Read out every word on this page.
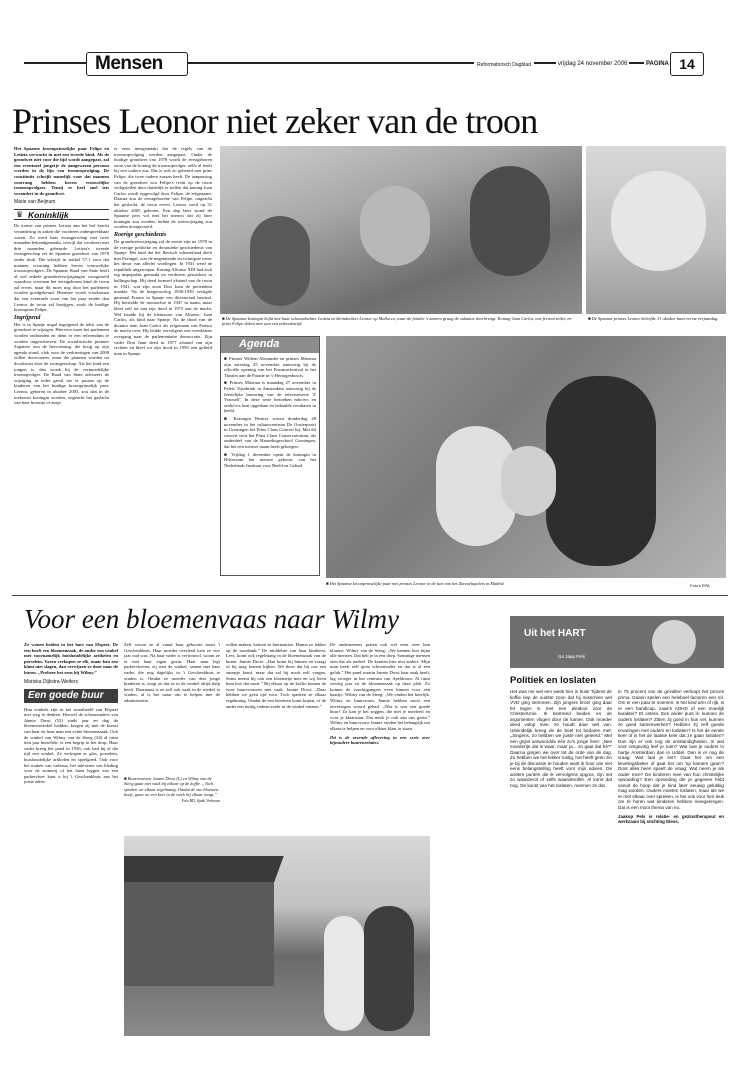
Mensen	Reformatorisch Dagblad	vrijdag 24 november 2006	PAGINA 14
Prinses Leonor niet zeker van de troon

Het Spaanse kroonprinselijke paar Felipe en Letizia verwacht in mei een tweede kind. Als de grondwet niet voor die tijd wordt aangepast, zal een eventueel jongetje de aangewezen persoon worden in de lijn van troonsopvolging. De constitutie schrijft namelijk voor dat mannen voorrang hebben boven vrouwelijke troonsopvolgers. Tenzij er heel snel iets verandert in de grondwet.

Marie van Beijnum
♛ Koninklijk

De komst van prinses Letizia aan het hof bracht verandering in zaken die voorheen onbespreekbaar waren. Zo werd haar zwangerschap met twee maanden bekendgemaakt, terwijl dat voorheen met drie maanden gebeurde. Letizia's tweede zwangerschap zet de Spaanse grondwet van 1978 onder druk. Die schrijft in artikel 57.1 voor dat mannen voorrang hebben boven vrouwelijke troonsopvolgers. De Spaanse Raad van State heeft al wel enkele grondwetswijzigingen voorgesteld waardoor voortaan het eerstgeboren kind de troon zal erven, maar dit moet nog door het parlement worden goedgekeurd. Hiermee wordt voorkomen dat een eventuele zoon van het paar eerder dan Leonor de troon zal bestijgen, zoals de huidige kroonprins Felipe.

Ingrijpend

Het is in Spanje nogal ingrijpend de tekst van de grondwet te wijzigen. Hiervoor moet het parlement worden ontbonden en dient er een referendum te worden uitgeschreven. De socialistische premier Zapatero zou de hervorming, die hoog op zijn agenda stond, vlak voor de verkiezingen van 2008 willen doorvoeren, maar die plannen worden nu doorkruist door de zwangerschap. Als het kind een jongen is, dan wordt hij de vermoedelijke troonopvolger. De Raad van State adviseert de wijziging in ieder geval toe te passen op de kinderen van het huidige kroonprinselijk paar. Leonor, geboren in oktober 2005, zou dan in de toekomst koningin worden, ongeacht het geslacht van haar broertje of zusje.

er eens meegemaakt dat de regels van de troonsopvolging werden aangepast. Onder de huidige grondwet van 1978 wordt de eerstgeboren zoon van de koning de troonsopvolger, zelfs al heeft hij een oudere zus. Dat is ook zo gebeurd met prins Felipe, die twee oudere zussen heeft. De aanpassing van de grondwet zou Felipe's recht op de troon veiligstellen door duidelijk te stellen dat koning Juan Carlos wordt opgevolgd door Felipe, de erfgenaam. Daarna zou de eerstgeborene van Felipe, ongeacht het geslacht, de troon erven. Leonor werd op 31 oktober 2005 geboren. Een dag later stond de Spaanse pers vol met het nieuws dat zij later koningin zou worden, indien de wetswijziging zou worden doorgevoerd.

Roerige geschiedenis

De grondwetswijziging zal de eerste zijn na 1978 in de roerige politieke en dynastieke geschiedenis van Spanje. Het land dat het Iberisch schiereiland deelt met Portugal, was de negentiende en twintigste eeuw het decor van allerlei woelingen. In 1931 werd de republiek uitgeroepen. Koning Alfonso XIII had zich erg impopulair gemaakt en verdween geruisloos in ballingschap. Hij deed formeel afstand van de troon in 1941, wat zijn zoon Don Juan de pretendent maakte. Na de burgeroorlog 1936-1939 vestigde generaal Franco in Spanje een dictatoriaal bewind. Hij herstelde de monarchie in 1947 in naam, maar bleef zelf tot aan zijn dood in 1975 aan de macht. Wel haalde hij de kleinzoon van Alfonso, Juan Carlos, als kind naar Spanje. Na de dood van de dictator nam Juan Carlos als erfgenaam van Franco de macht over. Hij leidde vervolgens een vreedzame overgang naar de parlementaire democratie. Zijn vader Don Juan deed in 1977 afstand van zijn rechten en bleef tot zijn dood in 1993 een geliefd man in Spanje.

■ De Spaanse koningin Sofia met haar schoondochter Letizia en kleindochter Leonor op Mallorca, waar de familie 's zomers graag de vakantie doorbrengt. Koning Juan Carlos, een fervent zeiler, en prins Felipe doken mee aan een zeilwedstrijd.
■ De Spaanse prinses Leonor beleefde 31 oktober haar eerste verjaardag.
Agenda

■ Prinses Willem-Alexander en prinses Máxima zijn zaterdag 25 november aanwezig bij de officiële opening van het Erasmusfestival in het Theater aan de Parade in 's-Hertogenbosch.

■ Prinses Máxima is maandag 27 november in Paleis Tijsebrink in Amsterdam aanwezig bij de feestelijke lancering van de televisieserie 'Z Yourself'. In deze serie bezoeken mbo'ers en vmbo'ers hun opgedane en behaalde resultaten in beeld.

■ Koningin Beatrix woont donderdag 28 november in het cultuurcentrum De Oosterpoort in Groningen het Prins Claus Concert bij. Met dit concert viert het Prins Claus Conservatorium, als onderdeel van de Hanzehogeschool Groningen, dat het een nieuwe naam heeft gekregen.

■ Vrijdag 1 december opent de koningin in Hilversum het nieuwe gebouw van het Nederlands Instituut voor Beeld en Geluid.

■ Het Spaanse kroonprinselijke paar met prinses Leonor in de tuin van het Zarzuelapaleis in Madrid.	Foto's EPA
Voor een bloemenvaas naar Wilmy

Ze wonen beiden in het hart van Elspeet. De een heeft een bloemenzaak, de ander een winkel met voornamelijk huishoudelijke artikelen en porselein. Varen verkopen ze elk, maar kan een klant niet slagen, dan verwijzen ze door naar de buren. „Probeer het eens bij Wilmy.”

Mariska Dijkstra-Welters
Een goede buur

Hun winkels zijn in het straatbeeld van Elspeet niet weg te denken. Hoewel de schoonouders van Jannie Drost (52) sinds jaar en dag de bloemenwinkel hadden, kregen zij met de komst van haar en haar man een echte bloemenzaak. Ook de winkel van Wilmy van de Steeg (34) al ruim tien jaar hetzelfde, is een begrip in het dorp. Haar vader kreeg het pand in 1936, ook had hij al die tijd een winkel. Ze verkopen er glas, porselein, huishoudelijke artikelen en speelgoed. Ook voor het maken van cadeaus, het inleveren van kleding voor de stomerij of het laten leggen van een parketvloer kunt u bij 't Geschenkhuis aan het juiste adres.

Zelf woont ze al vanaf haar geboorte naast 't Geschenkhuis. Haar moeder overleed toen ze vier jaar oud was. Na haar vader is vertrouwd, woont ze er met haar eigen gezin. Haar man legt parketvloeren, zij runt de winkel, samen met haar vader, die nog dagelijks in 't Geschenkhuis te vinden is. Omdat ze moeder van drie jonge kinderen is, zorgt ze dat ze in de winkel altijd hulp heeft. Daarnaast is ze zelf ook vaak in de winkel te vinden, al is het maar om te helpen met de administratie.

■ Buurvrouwen Jannie Drost (L) en Wilmy van de Steeg gaan niet vaak bij elkaar op de koffie. „Toch spreken we elkaar regelmatig. Omdat de ene bloemen heeft, gaan we een keer in de week bij elkaar langs.”
Foto RD, Sjaak Verboom

willen maken, komen ze hiernaartoe. Hanna zo lekker op de toonbank.” De middelste van haar kinderen, Levi, komt ook regelmatig in de bloemenzaak van de buren. Jannie Drost: „Dan komt hij binnen en vraagt of hij mag komen kijken. We doen dat bij ons een snoepje komt, maar dat zal hij nooit zelf vragen. Soms neemt hij ook een bloemetje mee en wij leren hem hoe dat moet.” Bij elkaar op de koffie komen de twee buurvrouwen niet vaak. Jannie Drost: „Daar hebben we geen tijd voor. Toch spreken ze elkaar regelmatig. Omdat de een bloemen komt kopen, of de ander een nuttig cadeau zoekt in de winkel ernaast.”

De ondernemers praten ook wel eens over hun klanten. Wilmy van de Steeg: „We kennen hier bijna alle mensen. Dat heb je in een dorp. Sommige mensen zien dat als nadeel. De kennen hier niet anders. Mijn man heeft zelf geen schoonvader en dat is al een geluk.” Het pand waarin Jannie Drost haar zaak heeft, lag vroeger in het centrum van Apeldoorn. Al ruim veertig jaar zit de bloemenzaak op deze plek. Zo komen de voorbijgangers even binnen voor een kaartje. Wilmy van de Steeg: „We vinden het heerlijk. Wilmy en buurvrouw Jannie hebben nooit een onvertogen woord gehad. „Wat is nou een goede buur? Zo kan je het zeggen, die met je meeleeft en voor je klaarstaat. Dat merk je ook aan ons gezin.” Wilmy en buurvrouw Jannie vinden het belangrijk om elkaar te helpen en voor elkaar klaar te staan.

Dit is de zevende aflevering in een serie over bijzondere buurenrelaties.

Uit het HART
Ge Jaap Pels
Politiek en loslaten

Het was me wel een week hier in huis! Tijdens de koffie riep de oudste zoon dat hij misschien wel VVD ging stemmen. Zijn jongere broer ging daar fel tegen in met een pleidooi voor de ChristenUnie. Ik bestreed beiden en de argumenten vlogen door de kamer. Ook moeder deed volop mee, ze houdt daar wel van. Uiteindelijk kreeg de de boel tot bedaren met: „Jongens, zo hebben we juiste niet geleerd.” Met een grijns antwoordde één zo'n jonge heer: „Nee moedertje dat is waar, maar ja... zo gaat dat hè?” Daarna gingen we over tot de orde van de dag. Zo hebben we het lekker rustig, het heeft geen zin je bij de discussie te houden want ik hoor wie niet eens belangstelling heeft voor mijn advies. De andere punten die ik vervolgens opgooi, zijn net zo waardevol of zelfs waardevoller. Al komt dat nog. De kunst van het loslaten, noemen ze dat.

in 75 procent van de gevallen verloopt het proces prima. Daarin spelen een heleboel factoren een rol. Om er een paar te noemen: is het kind arm of rijk, is er een handicap, zaak's ADHD of een moeilijk karakter? Et cetera. Een ander punt is: kunnen de ouders loslaten? Zitten zij goed in hun vel, kunnen ze goed samenwerken? Hebben zij zelf goede ervaringen met ouders en loslaten? Is het de eerste keer of is het de laatste keer dat ze gaan loslaten? Dan zijn er ook nog de omstandigheden. In wat voor omgeving leef je toen? Wat laat je ouders in hartje Amsterdam dan in Uddel. Dan is er nog de vraag: Wat laat je los? Gaat het om een lievelingsbeker of gaat het om 'op kamers gaan'? Door alles heen speelt de vraag: Wat neem je als ouder mee? De kinderen mee van hun christelijke opvoeding? Een opvoeding die je gegeven hebt vanuit de hoop dat je kind later eeuwig gelukkig mag worden. Ouders moeten loslaten, maar als we er met elkaar over spreken, is het ook voor hen leuk om te horen wat kinderen hebben meegekregen. Dat is een mooi thema van nu.

Jaakop Pels is relatie- en gezinstherapeut en werkzaam bij stichting Eleos.
